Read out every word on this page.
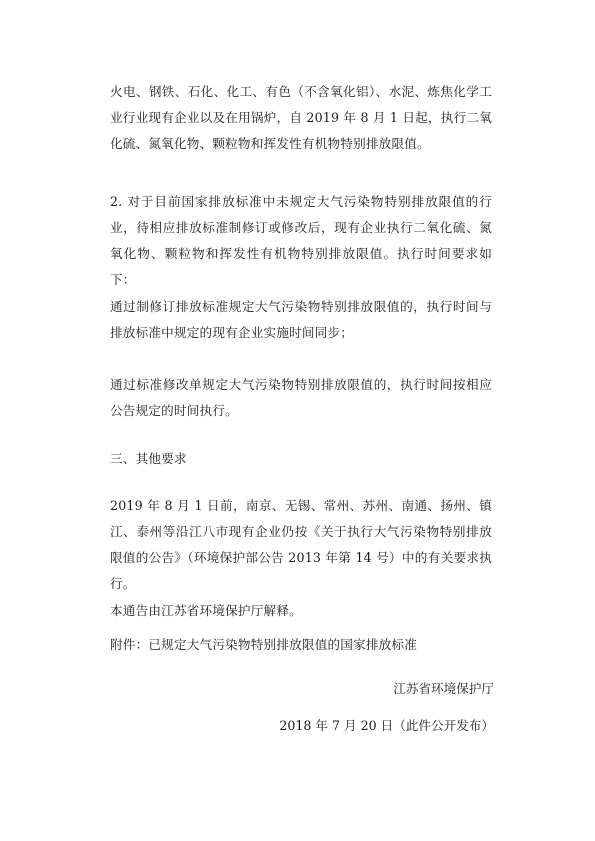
火电、钢铁、石化、化工、有色（不含氧化铝）、水泥、炼焦化学工业行业现有企业以及在用锅炉，自 2019 年 8 月 1 日起，执行二氧化硫、氮氧化物、颗粒物和挥发性有机物特别排放限值。

2. 对于目前国家排放标准中未规定大气污染物特别排放限值的行业，待相应排放标准制修订或修改后，现有企业执行二氧化硫、氮氧化物、颗粒物和挥发性有机物特别排放限值。执行时间要求如下：

通过制修订排放标准规定大气污染物特别排放限值的，执行时间与排放标准中规定的现有企业实施时间同步；

通过标准修改单规定大气污染物特别排放限值的，执行时间按相应公告规定的时间执行。

三、其他要求

2019 年 8 月 1 日前，南京、无锡、常州、苏州、南通、扬州、镇江、泰州等沿江八市现有企业仍按《关于执行大气污染物特别排放限值的公告》（环境保护部公告 2013 年第 14 号）中的有关要求执行。

本通告由江苏省环境保护厅解释。

附件：已规定大气污染物特别排放限值的国家排放标准

江苏省环境保护厅

2018 年 7 月 20 日（此件公开发布）
